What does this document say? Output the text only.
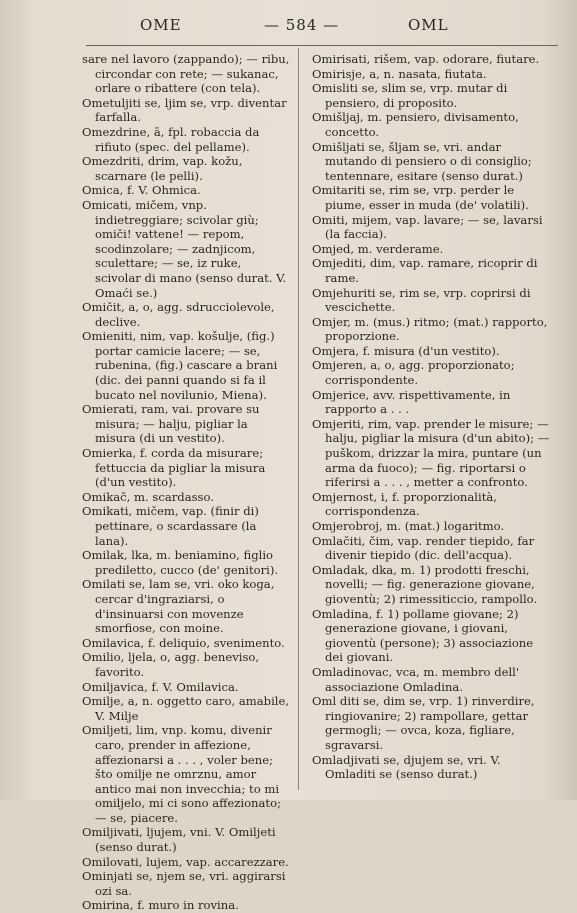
OME	— 584 —	OML

sare nel lavoro (zappando); — ribu, circondar con rete; — sukanac, orlare o ribattere (con tela).

Ometuljiti se, ljim se, vrp. diventar farfalla.

Omezdrine, ā, fpl. robaccia da rifiuto (spec. del pellame).

Omezdriti, drim, vap. kožu, scarnare (le pelli).

Omica, f. V. Ohmica.

Omicati, mičem, vnp. indietreggiare; scivolar giù; omiči! vattene! — repom, scodinzolare; — zadnjicom, sculettare; — se, iz ruke, scivolar di mano (senso durat. V. Omaći se.)

Omičit, a, o, agg. sdrucciolevole, declive.

Omieniti, nim, vap. košulje, (fig.) portar camicie lacere; — se, rubenina, (fig.) cascare a brani (dic. dei panni quando si fa il bucato nel novilunio, Miena).

Omierati, ram, vai. provare su misura; — halju, pigliar la misura (di un vestito).

Omierka, f. corda da misurare; fettuccia da pigliar la misura (d'un vestito).

Omikač, m. scardasso.

Omikati, mičem, vap. (finir di) pettinare, o scardassare (la lana).

Omilak, lka, m. beniamino, figlio prediletto, cucco (de' genitori).

Omilati se, lam se, vri. oko koga, cercar d'ingraziarsi, o d'insinuarsi con movenze smorfiose, con moine.

Omilavica, f. deliquio, svenimento.

Omilio, ljela, o, agg. beneviso, favorito.

Omiljavica, f. V. Omilavica.

Omilje, a, n. oggetto caro, amabile, V. Milje

Omiljeti, lim, vnp. komu, divenir caro, prender in affezione, affezionarsi a . . . , voler bene; što omilje ne omrznu, amor antico mai non invecchia; to mi omiljelo, mi ci sono affezionato; — se, piacere.

Omiljivati, ljujem, vni. V. Omiljeti (senso durat.)

Omilovati, lujem, vap. accarezzare.

Ominjati se, njem se, vri. aggirarsi ozi sa.

Omirina, f. muro in rovina.

Omirisati, rišem, vap. odorare, fiutare.

Omirisje, a, n. nasata, fiutata.

Omisliti se, slim se, vrp. mutar di pensiero, di proposito.

Omišljaj, m. pensiero, divisamento, concetto.

Omišljati se, šljam se, vri. andar mutando di pensiero o di consiglio; tentennare, esitare (senso durat.)

Omitariti se, rim se, vrp. perder le piume, esser in muda (de' volatili).

Omiti, mijem, vap. lavare; — se, lavarsi (la faccia).

Omjed, m. verderame.

Omjediti, dim, vap. ramare, ricoprir di rame.

Omjehuriti se, rim se, vrp. coprirsi di vescichette.

Omjer, m. (mus.) ritmo; (mat.) rapporto, proporzione.

Omjera, f. misura (d'un vestito).

Omjeren, a, o, agg. proporzionato; corrispondente.

Omjerice, avv. rispettivamente, in rapporto a . . .

Omjeriti, rim, vap. prender le misure; — halju, pigliar la misura (d'un abito); — puškom, drizzar la mira, puntare (un arma da fuoco); — fig. riportarsi o riferirsi a . . . , metter a confronto.

Omjernost, i, f. proporzionalità, corrispondenza.

Omjerobroj, m. (mat.) logaritmo.

Omlačiti, čim, vap. render tiepido, far divenir tiepido (dic. dell'acqua).

Omladak, dka, m. 1) prodotti freschi, novelli; — fig. generazione giovane, gioventù; 2) rimessiticcio, rampollo.

Omladina, f. 1) pollame giovane; 2) generazione giovane, i giovani, gioventù (persone); 3) associazione dei giovani.

Omladinovac, vca, m. membro dell' associazione Omladina.

Oml diti se, dim se, vrp. 1) rinverdire, ringiovanire; 2) rampollare, gettar germogli; — ovca, koza, figliare, sgravarsi.

Omladjivati se, djujem se, vri. V. Omladiti se (senso durat.)
